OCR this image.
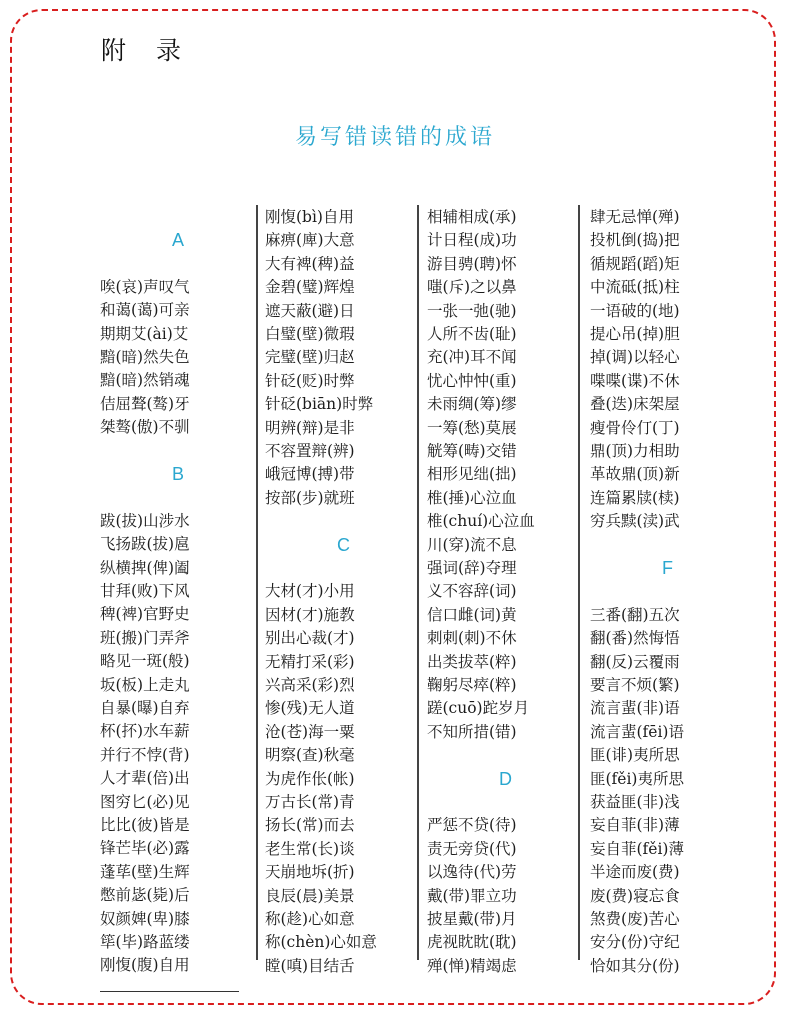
附录
易写错读错的成语
A
唉(哀)声叹气
和蔼(蔼)可亲
期期艾(ài)艾
黯(暗)然失色
黯(暗)然销魂
佶屈聱(骜)牙
桀骜(傲)不驯
B
跋(拔)山涉水
飞扬跋(拔)扈
纵横捭(俾)阖
甘拜(败)下风
稗(裨)官野史
班(搬)门弄斧
略见一斑(般)
坂(板)上走丸
自暴(曝)自弃
杯(抔)水车薪
并行不悖(背)
人才辈(倍)出
图穷匕(必)见
比比(彼)皆是
锋芒毕(必)露
蓬荜(壁)生辉
憋前毖(毙)后
奴颜婢(卑)膝
筚(毕)路蓝缕
刚愎(腹)自用
刚愎(bì)自用
麻痹(庳)大意
大有裨(稗)益
金碧(璧)辉煌
遮天蔽(避)日
白璧(壁)微瑕
完璧(壁)归赵
针砭(贬)时弊
针砭(biān)时弊
明辨(辩)是非
不容置辩(辨)
峨冠博(搏)带
按部(步)就班
C
大材(才)小用
因材(才)施教
别出心裁(才)
无精打采(彩)
兴高采(彩)烈
惨(残)无人道
沧(苍)海一粟
明察(查)秋毫
为虎作伥(帐)
万古长(常)青
扬长(常)而去
老生常(长)谈
天崩地坼(折)
良辰(晨)美景
称(趁)心如意
称(chèn)心如意
瞠(嗔)目结舌
相辅相成(承)
计日程(成)功
游目骋(聘)怀
嗤(斥)之以鼻
一张一弛(驰)
人所不齿(耻)
充(冲)耳不闻
忧心忡忡(重)
未雨绸(筹)缪
一筹(愁)莫展
觥筹(畴)交错
相形见绌(拙)
椎(捶)心泣血
椎(chuí)心泣血
川(穿)流不息
强词(辞)夺理
义不容辞(词)
信口雌(词)黄
刺刺(刺)不休
出类拔萃(粹)
鞠躬尽瘁(粹)
蹉(cuō)跎岁月
不知所措(错)
D
严惩不贷(待)
责无旁贷(代)
以逸待(代)劳
戴(带)罪立功
披星戴(带)月
虎视眈眈(耽)
殚(惮)精竭虑
肆无忌惮(殚)
投机倒(捣)把
循规蹈(蹈)矩
中流砥(抵)柱
一语破的(地)
提心吊(掉)胆
掉(调)以轻心
喋喋(谍)不休
叠(迭)床架屋
瘦骨伶仃(丁)
鼎(顶)力相助
革故鼎(顶)新
连篇累牍(椟)
穷兵黩(渎)武
F
三番(翻)五次
翻(番)然悔悟
翻(反)云覆雨
要言不烦(繁)
流言蜚(非)语
流言蜚(fēi)语
匪(诽)夷所思
匪(fěi)夷所思
获益匪(非)浅
妄自菲(非)薄
妄自菲(fěi)薄
半途而废(费)
废(费)寝忘食
煞费(废)苦心
安分(份)守纪
恰如其分(份)
